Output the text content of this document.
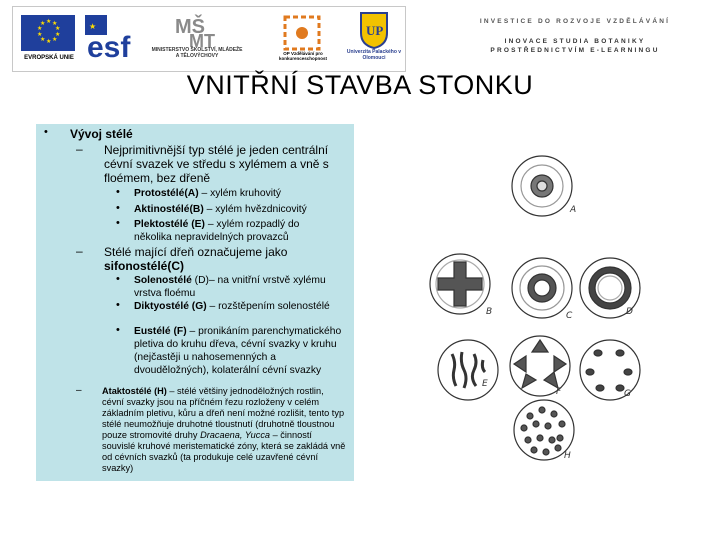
★ ★
★
★
★
★
★
★
★
★
EVROPSKÁ UNIE
★
esf
MŠ
MT
MINISTERSTVO ŠKOLSTVÍ, MLÁDEŽE A TĚLOVÝCHOVY	OP Vzdělávání pro konkurenceschopnost
UP
Univerzita Palackého v Olomouci
INVESTICE DO ROZVOJE VZDĚLÁVÁNÍ
INOVACE STUDIA BOTANIKY
PROSTŘEDNICTVÍM E-LEARNINGU
VNITŘNÍ STAVBA STONKU
• Vývoj stélé
– Nejprimitivnější typ stélé je jeden centrální cévní svazek ve středu s xylémem a vně s floémem, bez dřeně
• Protostélé(A) – xylém kruhovitý
• Aktinostélé(B) – xylém hvězdnicovitý
• Plektostélé (E) – xylém rozpadlý do několika nepravidelných provazců
– Stélé mající dřeň označujeme jako
sifonostélé(C)
• Solenostélé (D)– na vnitřní vrstvě xylému vrstva floému
• Diktyostélé (G) – rozštěpením solenostélé
• Eustélé (F) – pronikáním parenchymatického pletiva do kruhu dřeva, cévní svazky v kruhu (nejčastěji u nahosemenných a dvouděložných), kolaterální cévní svazky
– Ataktostélé (H) – stélé většiny jednoděložných rostlin, cévní svazky jsou na příčném řezu rozloženy v celém základním pletivu, kůru a dřeň není možné rozlišit, tento typ stélé neumožňuje druhotné tloustnutí (druhotně tloustnou pouze stromovité druhy Dracaena, Yucca – činností souvislé kruhové meristematické zóny, která se zakládá vně od cévních svazků (ta produkuje celé uzavřené cévní svazky)
A
B	C	D
E
F	G
H
